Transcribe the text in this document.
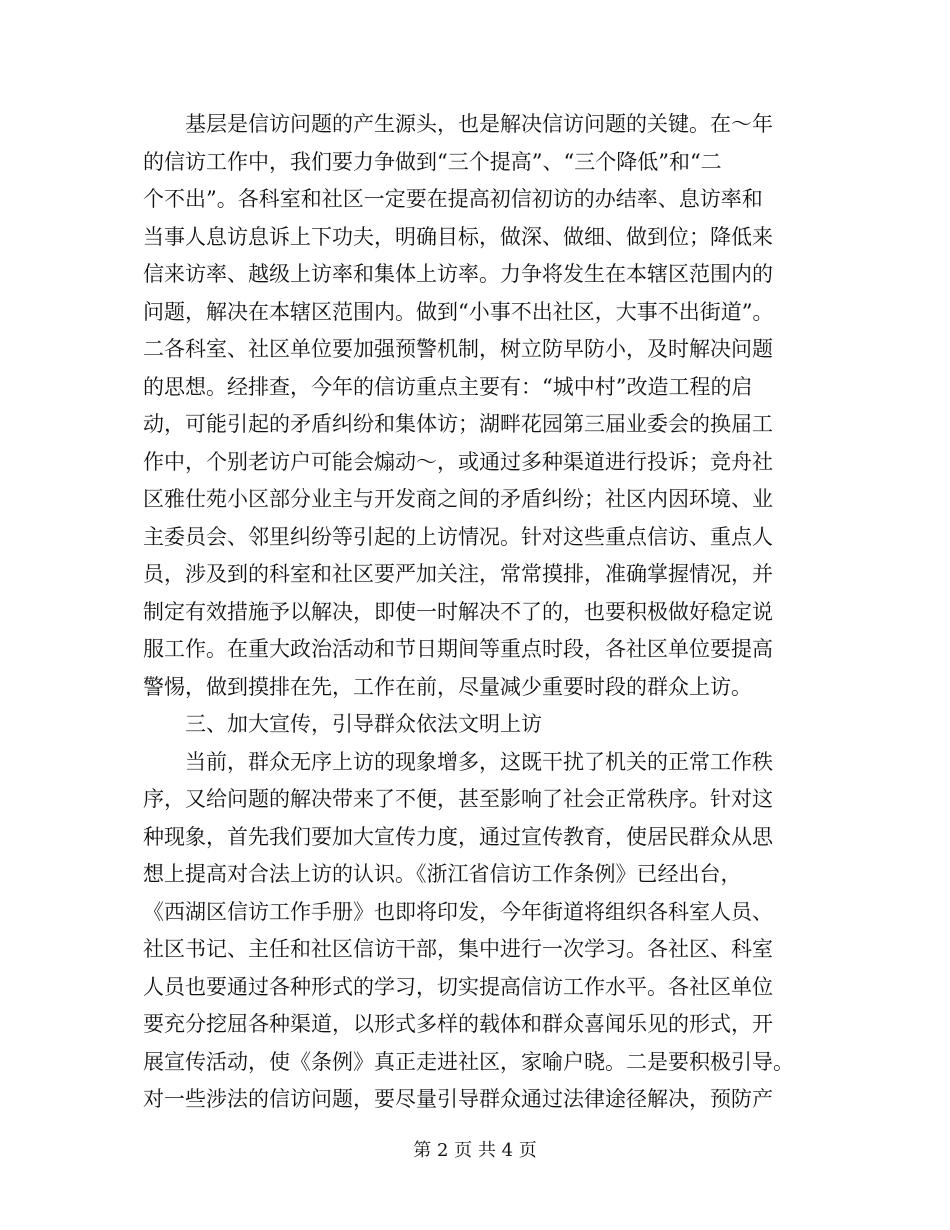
基层是信访问题的产生源头，也是解决信访问题的关键。在～年
的信访工作中，我们要力争做到“三个提高”、“三个降低”和“二
个不出”。各科室和社区一定要在提高初信初访的办结率、息访率和
当事人息访息诉上下功夫，明确目标，做深、做细、做到位；降低来
信来访率、越级上访率和集体上访率。力争将发生在本辖区范围内的
问题，解决在本辖区范围内。做到“小事不出社区，大事不出街道”。
二各科室、社区单位要加强预警机制，树立防早防小，及时解决问题
的思想。经排查，今年的信访重点主要有：“城中村”改造工程的启
动，可能引起的矛盾纠纷和集体访；湖畔花园第三届业委会的换届工
作中，个别老访户可能会煽动～，或通过多种渠道进行投诉；竞舟社
区雅仕苑小区部分业主与开发商之间的矛盾纠纷；社区内因环境、业
主委员会、邻里纠纷等引起的上访情况。针对这些重点信访、重点人
员，涉及到的科室和社区要严加关注，常常摸排，准确掌握情况，并
制定有效措施予以解决，即使一时解决不了的，也要积极做好稳定说
服工作。在重大政治活动和节日期间等重点时段，各社区单位要提高
警惕，做到摸排在先，工作在前，尽量减少重要时段的群众上访。
三、加大宣传，引导群众依法文明上访
当前，群众无序上访的现象增多，这既干扰了机关的正常工作秩
序，又给问题的解决带来了不便，甚至影响了社会正常秩序。针对这
种现象，首先我们要加大宣传力度，通过宣传教育，使居民群众从思
想上提高对合法上访的认识。《浙江省信访工作条例》已经出台，
《西湖区信访工作手册》也即将印发，今年街道将组织各科室人员、
社区书记、主任和社区信访干部，集中进行一次学习。各社区、科室
人员也要通过各种形式的学习，切实提高信访工作水平。各社区单位
要充分挖屈各种渠道，以形式多样的载体和群众喜闻乐见的形式，开
展宣传活动，使《条例》真正走进社区，家喻户晓。二是要积极引导。
对一些涉法的信访问题，要尽量引导群众通过法律途径解决，预防产
第 2 页 共 4 页
